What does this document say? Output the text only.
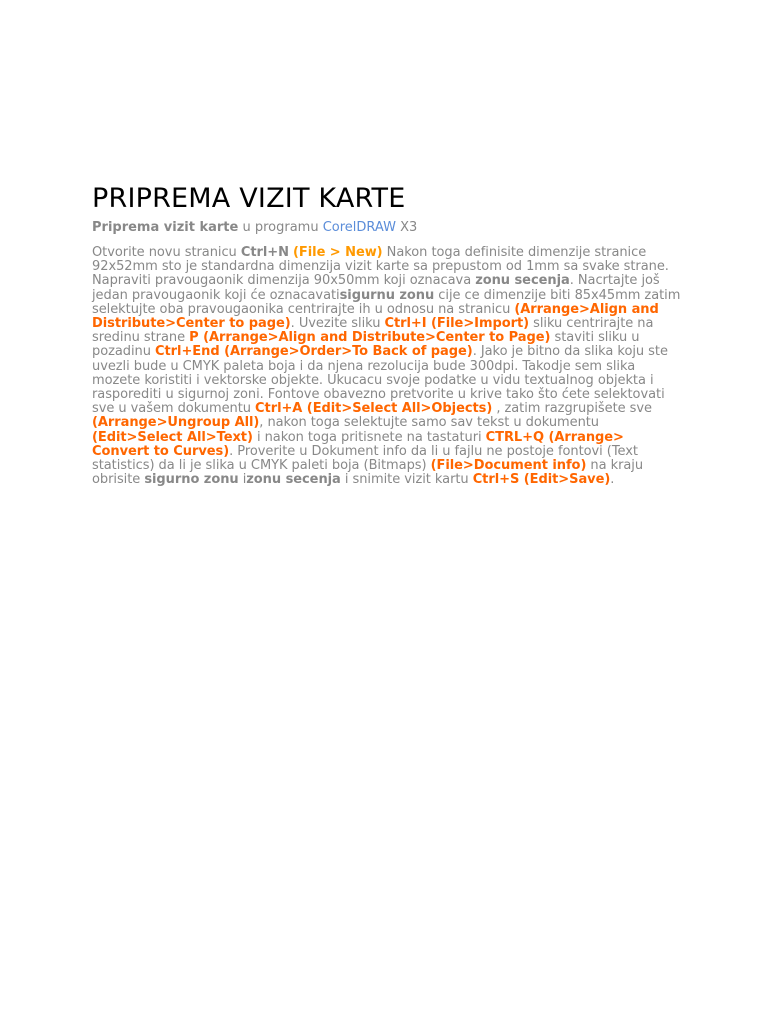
PRIPREMA VIZIT KARTE
Priprema vizit karte u programu CorelDRAW X3
Otvorite novu stranicu Ctrl+N (File > New) Nakon toga definisite dimenzije stranice 92x52mm sto je standardna dimenzija vizit karte sa prepustom od 1mm sa svake strane. Napraviti pravougaonik dimenzija 90x50mm koji oznacava zonu secenja. Nacrtajte još jedan pravougaonik koji će oznacavatisigurnu zonu cije ce dimenzije biti 85x45mm zatim selektujte oba pravougaonika centrirajte ih u odnosu na stranicu (Arrange>Align and Distribute>Center to page). Uvezite sliku Ctrl+I (File>Import) sliku centrirajte na sredinu strane P (Arrange>Align and Distribute>Center to Page) staviti sliku u pozadinu Ctrl+End (Arrange>Order>To Back of page). Jako je bitno da slika koju ste uvezli bude u CMYK paleta boja i da njena rezolucija bude 300dpi. Takodje sem slika mozete koristiti i vektorske objekte. Ukucacu svoje podatke u vidu textualnog objekta i rasporediti u sigurnoj zoni. Fontove obavezno pretvorite u krive tako što ćete selektovati sve u vašem dokumentu Ctrl+A (Edit>Select All>Objects) , zatim razgrupišete sve (Arrange>Ungroup All), nakon toga selektujte samo sav tekst u dokumentu (Edit>Select All>Text) i nakon toga pritisnete na tastaturi CTRL+Q (Arrange> Convert to Curves). Proverite u Dokument info da li u fajlu ne postoje fontovi (Text statistics) da li je slika u CMYK paleti boja (Bitmaps) (File>Document info) na kraju obrisite sigurno zonu izonu secenja i snimite vizit kartu Ctrl+S (Edit>Save).
